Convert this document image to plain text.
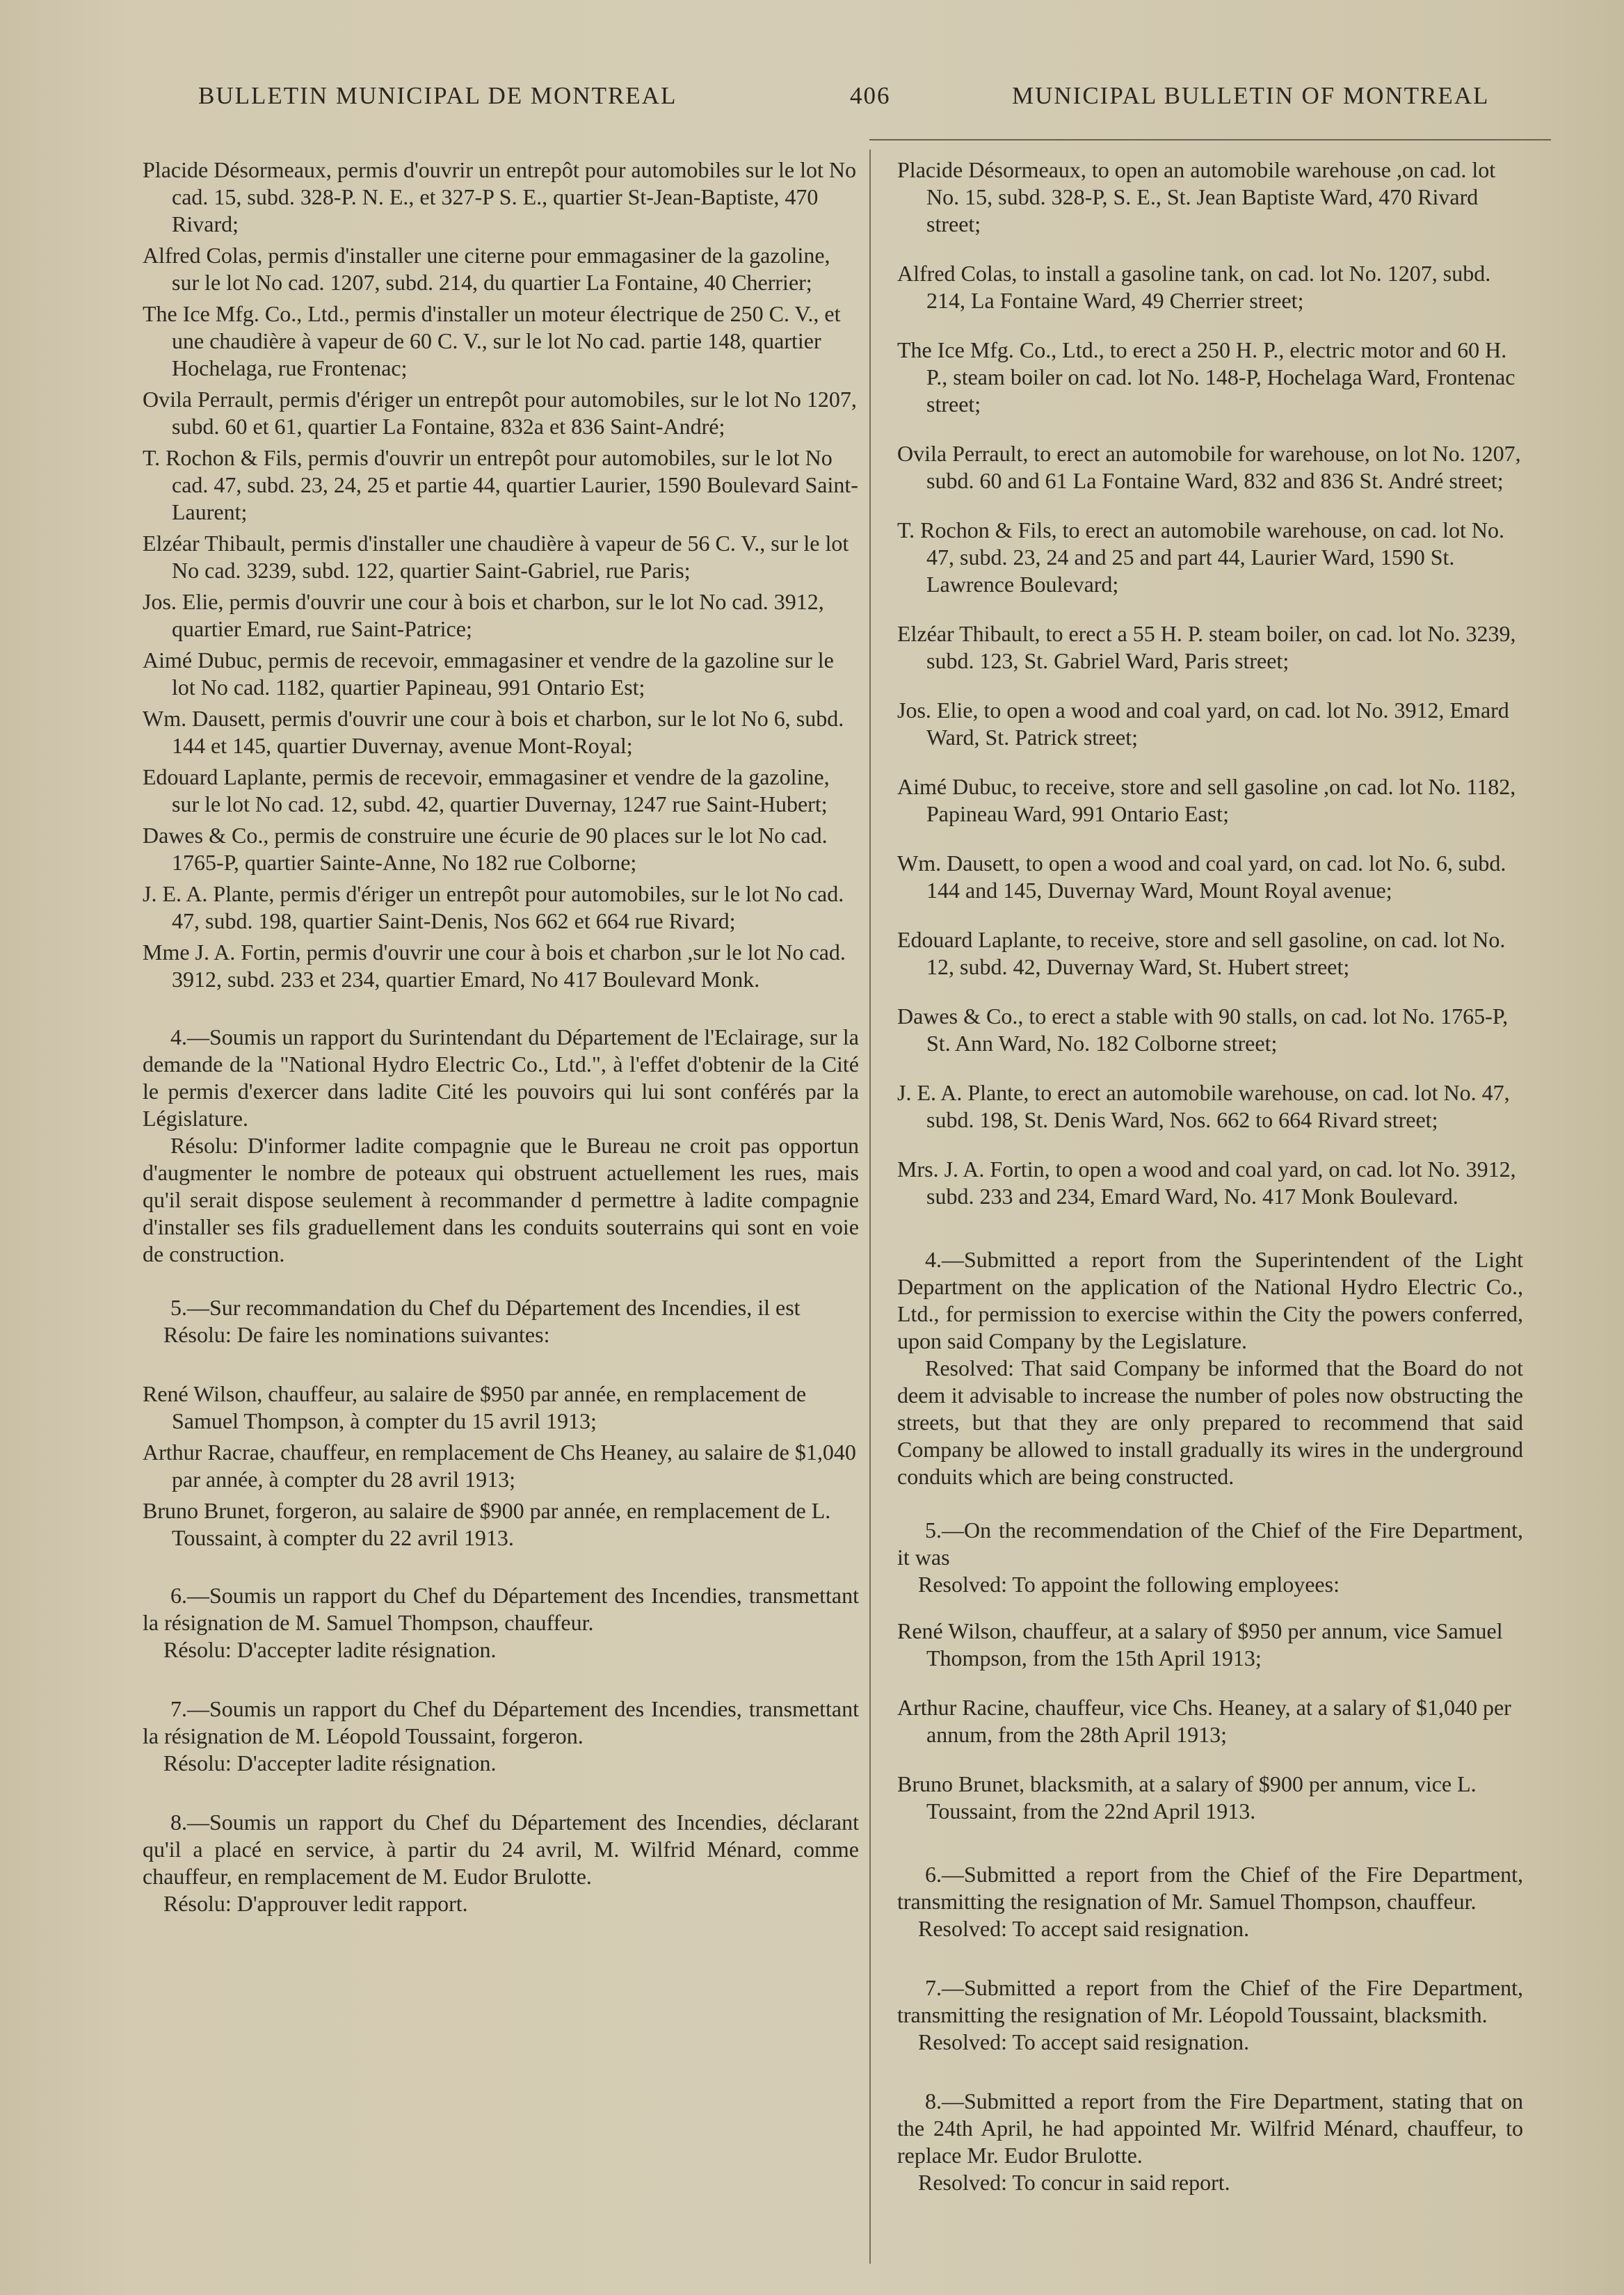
BULLETIN MUNICIPAL DE MONTREAL	406	MUNICIPAL BULLETIN OF MONTREAL

Placide Désormeaux, permis d'ouvrir un entrepôt pour automobiles sur le lot No cad. 15, subd. 328-P. N. E., et 327-P S. E., quartier St-Jean-Baptiste, 470 Rivard;

Alfred Colas, permis d'installer une citerne pour emmagasiner de la gazoline, sur le lot No cad. 1207, subd. 214, du quartier La Fontaine, 40 Cherrier;

The Ice Mfg. Co., Ltd., permis d'installer un moteur électrique de 250 C. V., et une chaudière à vapeur de 60 C. V., sur le lot No cad. partie 148, quartier Hochelaga, rue Frontenac;

Ovila Perrault, permis d'ériger un entrepôt pour automobiles, sur le lot No 1207, subd. 60 et 61, quartier La Fontaine, 832a et 836 Saint-André;

T. Rochon & Fils, permis d'ouvrir un entrepôt pour automobiles, sur le lot No cad. 47, subd. 23, 24, 25 et partie 44, quartier Laurier, 1590 Boulevard Saint-Laurent;

Elzéar Thibault, permis d'installer une chaudière à vapeur de 56 C. V., sur le lot No cad. 3239, subd. 122, quartier Saint-Gabriel, rue Paris;

Jos. Elie, permis d'ouvrir une cour à bois et charbon, sur le lot No cad. 3912, quartier Emard, rue Saint-Patrice;

Aimé Dubuc, permis de recevoir, emmagasiner et vendre de la gazoline sur le lot No cad. 1182, quartier Papineau, 991 Ontario Est;

Wm. Dausett, permis d'ouvrir une cour à bois et charbon, sur le lot No 6, subd. 144 et 145, quartier Duvernay, avenue Mont-Royal;

Edouard Laplante, permis de recevoir, emmagasiner et vendre de la gazoline, sur le lot No cad. 12, subd. 42, quartier Duvernay, 1247 rue Saint-Hubert;

Dawes & Co., permis de construire une écurie de 90 places sur le lot No cad. 1765-P, quartier Sainte-Anne, No 182 rue Colborne;

J. E. A. Plante, permis d'ériger un entrepôt pour automobiles, sur le lot No cad. 47, subd. 198, quartier Saint-Denis, Nos 662 et 664 rue Rivard;

Mme J. A. Fortin, permis d'ouvrir une cour à bois et charbon ,sur le lot No cad. 3912, subd. 233 et 234, quartier Emard, No 417 Boulevard Monk.

4.—Soumis un rapport du Surintendant du Département de l'Eclairage, sur la demande de la "National Hydro Electric Co., Ltd.", à l'effet d'obtenir de la Cité le permis d'exercer dans ladite Cité les pouvoirs qui lui sont conférés par la Législature.

Résolu: D'informer ladite compagnie que le Bureau ne croit pas opportun d'augmenter le nombre de poteaux qui obstruent actuellement les rues, mais qu'il serait dispose seulement à recommander d permettre à ladite compagnie d'installer ses fils graduellement dans les conduits souterrains qui sont en voie de construction.

5.—Sur recommandation du Chef du Département des Incendies, il est

Résolu: De faire les nominations suivantes:

René Wilson, chauffeur, au salaire de $950 par année, en remplacement de Samuel Thompson, à compter du 15 avril 1913;

Arthur Racrae, chauffeur, en remplacement de Chs Heaney, au salaire de $1,040 par année, à compter du 28 avril 1913;

Bruno Brunet, forgeron, au salaire de $900 par année, en remplacement de L. Toussaint, à compter du 22 avril 1913.

6.—Soumis un rapport du Chef du Département des Incendies, transmettant la résignation de M. Samuel Thompson, chauffeur.

Résolu: D'accepter ladite résignation.

7.—Soumis un rapport du Chef du Département des Incendies, transmettant la résignation de M. Léopold Toussaint, forgeron.

Résolu: D'accepter ladite résignation.

8.—Soumis un rapport du Chef du Département des Incendies, déclarant qu'il a placé en service, à partir du 24 avril, M. Wilfrid Ménard, comme chauffeur, en remplacement de M. Eudor Brulotte.

Résolu: D'approuver ledit rapport.

Placide Désormeaux, to open an automobile warehouse ,on cad. lot No. 15, subd. 328-P, S. E., St. Jean Baptiste Ward, 470 Rivard street;

Alfred Colas, to install a gasoline tank, on cad. lot No. 1207, subd. 214, La Fontaine Ward, 49 Cherrier street;

The Ice Mfg. Co., Ltd., to erect a 250 H. P., electric motor and 60 H. P., steam boiler on cad. lot No. 148-P, Hochelaga Ward, Frontenac street;

Ovila Perrault, to erect an automobile for warehouse, on lot No. 1207, subd. 60 and 61 La Fontaine Ward, 832 and 836 St. André street;

T. Rochon & Fils, to erect an automobile warehouse, on cad. lot No. 47, subd. 23, 24 and 25 and part 44, Laurier Ward, 1590 St. Lawrence Boulevard;

Elzéar Thibault, to erect a 55 H. P. steam boiler, on cad. lot No. 3239, subd. 123, St. Gabriel Ward, Paris street;

Jos. Elie, to open a wood and coal yard, on cad. lot No. 3912, Emard Ward, St. Patrick street;

Aimé Dubuc, to receive, store and sell gasoline ,on cad. lot No. 1182, Papineau Ward, 991 Ontario East;

Wm. Dausett, to open a wood and coal yard, on cad. lot No. 6, subd. 144 and 145, Duvernay Ward, Mount Royal avenue;

Edouard Laplante, to receive, store and sell gasoline, on cad. lot No. 12, subd. 42, Duvernay Ward, St. Hubert street;

Dawes & Co., to erect a stable with 90 stalls, on cad. lot No. 1765-P, St. Ann Ward, No. 182 Colborne street;

J. E. A. Plante, to erect an automobile warehouse, on cad. lot No. 47, subd. 198, St. Denis Ward, Nos. 662 to 664 Rivard street;

Mrs. J. A. Fortin, to open a wood and coal yard, on cad. lot No. 3912, subd. 233 and 234, Emard Ward, No. 417 Monk Boulevard.

4.—Submitted a report from the Superintendent of the Light Department on the application of the National Hydro Electric Co., Ltd., for permission to exercise within the City the powers conferred, upon said Company by the Legislature.

Resolved: That said Company be informed that the Board do not deem it advisable to increase the number of poles now obstructing the streets, but that they are only prepared to recommend that said Company be allowed to install gradually its wires in the underground conduits which are being constructed.

5.—On the recommendation of the Chief of the Fire Department, it was

Resolved: To appoint the following employees:

René Wilson, chauffeur, at a salary of $950 per annum, vice Samuel Thompson, from the 15th April 1913;

Arthur Racine, chauffeur, vice Chs. Heaney, at a salary of $1,040 per annum, from the 28th April 1913;

Bruno Brunet, blacksmith, at a salary of $900 per annum, vice L. Toussaint, from the 22nd April 1913.

6.—Submitted a report from the Chief of the Fire Department, transmitting the resignation of Mr. Samuel Thompson, chauffeur.

Resolved: To accept said resignation.

7.—Submitted a report from the Chief of the Fire Department, transmitting the resignation of Mr. Léopold Toussaint, blacksmith.

Resolved: To accept said resignation.

8.—Submitted a report from the Fire Department, stating that on the 24th April, he had appointed Mr. Wilfrid Ménard, chauffeur, to replace Mr. Eudor Brulotte.

Resolved: To concur in said report.
